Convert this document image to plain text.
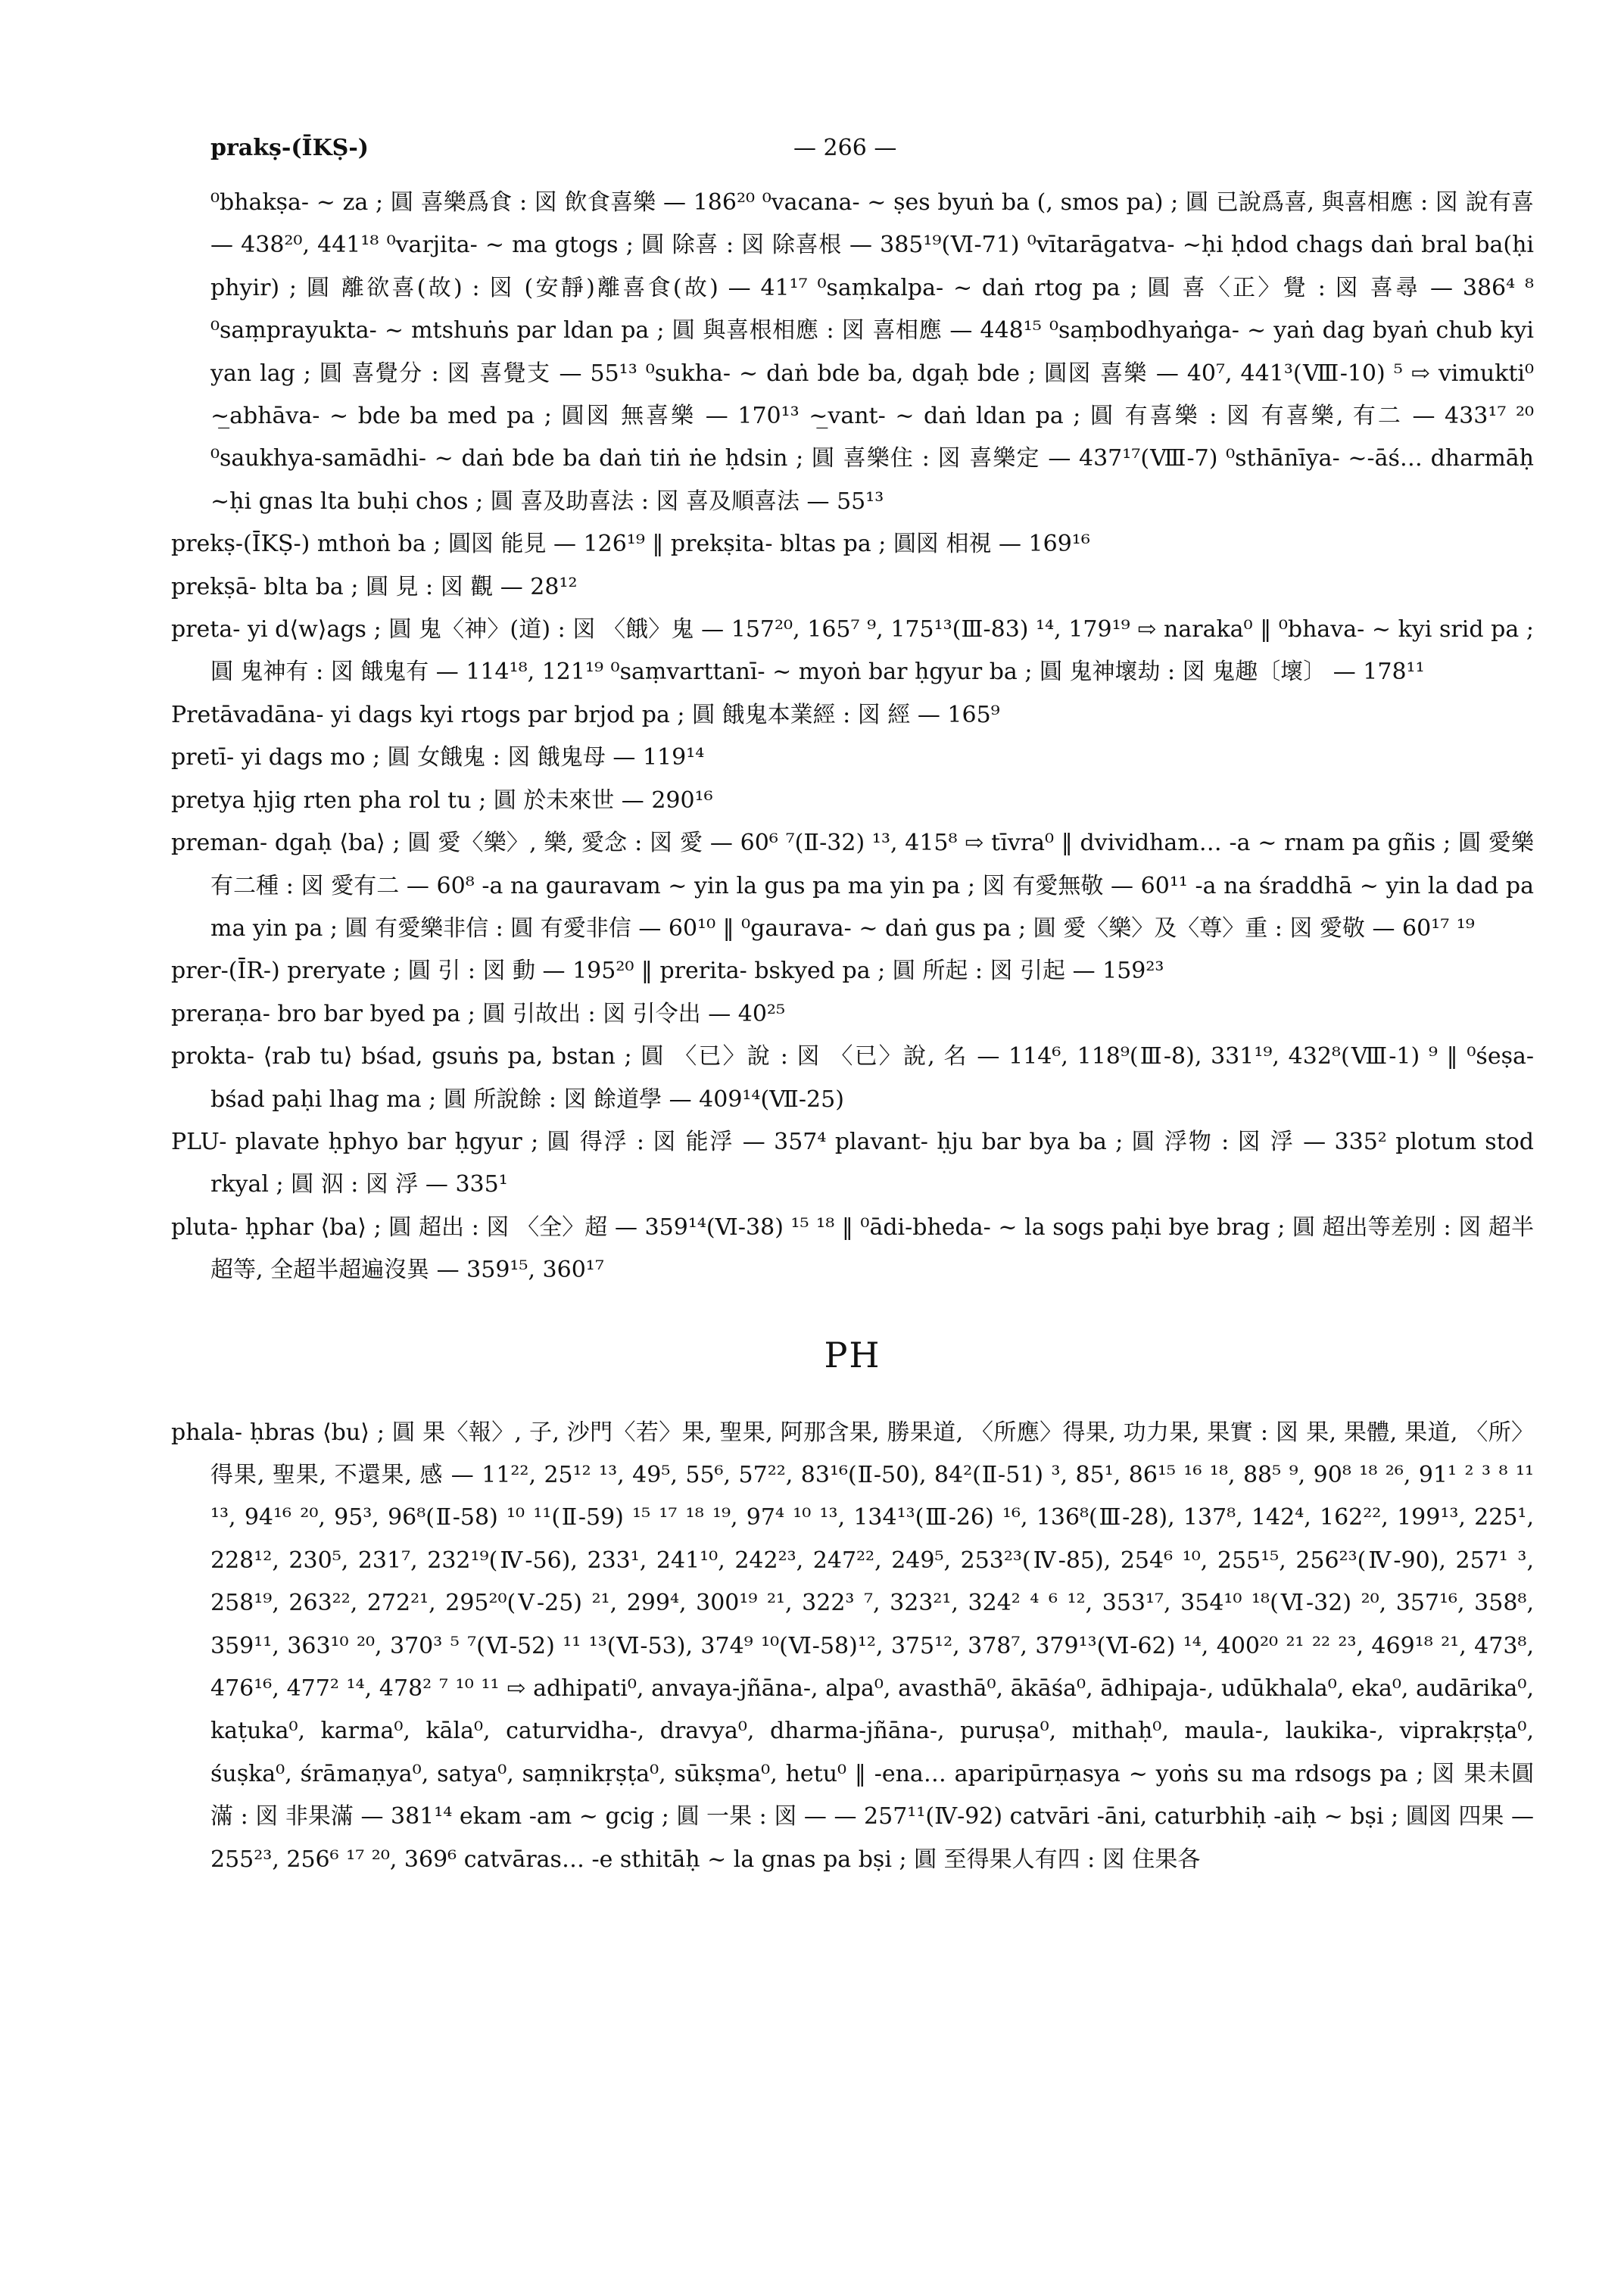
prakṣ-(ĪKṢ-)	— 266 —

⁰bhakṣa- ~ za ; 圓 喜樂爲食 : 図 飲食喜樂 — 186²⁰ ⁰vacana- ~ ṣes byuṅ ba (, smos pa) ; 圓 已說爲喜, 與喜相應 : 図 說有喜 — 438²⁰, 441¹⁸ ⁰varjita- ~ ma gtogs ; 圓 除喜 : 図 除喜根 — 385¹⁹(Ⅵ-71) ⁰vītarāgatva- ~ḥi ḥdod chags daṅ bral ba(ḥi phyir) ; 圓 離欲喜(故) : 図 (安靜)離喜食(故) — 41¹⁷ ⁰saṃkalpa- ~ daṅ rtog pa ; 圓 喜〈正〉覺 : 図 喜尋 — 386⁴ ⁸ ⁰saṃprayukta- ~ mtshuṅs par ldan pa ; 圓 與喜根相應 : 図 喜相應 — 448¹⁵ ⁰saṃbodhyaṅga- ~ yaṅ dag byaṅ chub kyi yan lag ; 圓 喜覺分 : 図 喜覺支 — 55¹³ ⁰sukha- ~ daṅ bde ba, dgaḥ bde ; 圓図 喜樂 — 40⁷, 441³(Ⅷ-10) ⁵ ⇨ vimukti⁰ ~̲abhāva- ~ bde ba med pa ; 圓図 無喜樂 — 170¹³ ~̲vant- ~ daṅ ldan pa ; 圓 有喜樂 : 図 有喜樂, 有二 — 433¹⁷ ²⁰ ⁰saukhya-samādhi- ~ daṅ bde ba daṅ tiṅ ṅe ḥdsin ; 圓 喜樂住 : 図 喜樂定 — 437¹⁷(Ⅷ-7) ⁰sthānīya- ~-āś… dharmāḥ ~ḥi gnas lta buḥi chos ; 圓 喜及助喜法 : 図 喜及順喜法 — 55¹³

prekṣ-(ĪKṢ-) mthoṅ ba ; 圓図 能見 — 126¹⁹ ‖ prekṣita- bltas pa ; 圓図 相視 — 169¹⁶

prekṣā- blta ba ; 圓 見 : 図 觀 — 28¹²

preta- yi d⟨w⟩ags ; 圓 鬼〈神〉(道) : 図 〈餓〉鬼 — 157²⁰, 165⁷ ⁹, 175¹³(Ⅲ-83) ¹⁴, 179¹⁹ ⇨ naraka⁰ ‖ ⁰bhava- ~ kyi srid pa ; 圓 鬼神有 : 図 餓鬼有 — 114¹⁸, 121¹⁹ ⁰saṃvarttanī- ~ myoṅ bar ḥgyur ba ; 圓 鬼神壞劫 : 図 鬼趣〔壞〕 — 178¹¹

Pretāvadāna- yi dags kyi rtogs par brjod pa ; 圓 餓鬼本業經 : 図 經 — 165⁹

pretī- yi dags mo ; 圓 女餓鬼 : 図 餓鬼母 — 119¹⁴

pretya ḥjig rten pha rol tu ; 圓 於未來世 — 290¹⁶

preman- dgaḥ ⟨ba⟩ ; 圓 愛〈樂〉, 樂, 愛念 : 図 愛 — 60⁶ ⁷(Ⅱ-32) ¹³, 415⁸ ⇨ tīvra⁰ ‖ dvividham… -a ~ rnam pa gñis ; 圓 愛樂有二種 : 図 愛有二 — 60⁸ -a na gauravam ~ yin la gus pa ma yin pa ; 図 有愛無敬 — 60¹¹ -a na śraddhā ~ yin la dad pa ma yin pa ; 圓 有愛樂非信 : 圓 有愛非信 — 60¹⁰ ‖ ⁰gaurava- ~ daṅ gus pa ; 圓 愛〈樂〉及〈尊〉重 : 図 愛敬 — 60¹⁷ ¹⁹

prer-(ĪR-) preryate ; 圓 引 : 図 動 — 195²⁰ ‖ prerita- bskyed pa ; 圓 所起 : 図 引起 — 159²³

preraṇa- bro bar byed pa ; 圓 引故出 : 図 引令出 — 40²⁵

prokta- ⟨rab tu⟩ bśad, gsuṅs pa, bstan ; 圓 〈已〉說 : 図 〈已〉說, 名 — 114⁶, 118⁹(Ⅲ-8), 331¹⁹, 432⁸(Ⅷ-1) ⁹ ‖ ⁰śeṣa- bśad paḥi lhag ma ; 圓 所說餘 : 図 餘道學 — 409¹⁴(Ⅶ-25)

PLU- plavate ḥphyo bar ḥgyur ; 圓 得浮 : 図 能浮 — 357⁴ plavant- ḥju bar bya ba ; 圓 浮物 : 図 浮 — 335² plotum stod rkyal ; 圓 泅 : 図 浮 — 335¹

pluta- ḥphar ⟨ba⟩ ; 圓 超出 : 図 〈全〉超 — 359¹⁴(Ⅵ-38) ¹⁵ ¹⁸ ‖ ⁰ādi-bheda- ~ la sogs paḥi bye brag ; 圓 超出等差別 : 図 超半超等, 全超半超遍沒異 — 359¹⁵, 360¹⁷

PH

phala- ḥbras ⟨bu⟩ ; 圓 果〈報〉, 子, 沙門〈若〉果, 聖果, 阿那含果, 勝果道, 〈所應〉得果, 功力果, 果實 : 図 果, 果體, 果道, 〈所〉得果, 聖果, 不還果, 感 — 11²², 25¹² ¹³, 49⁵, 55⁶, 57²², 83¹⁶(Ⅱ-50), 84²(Ⅱ-51) ³, 85¹, 86¹⁵ ¹⁶ ¹⁸, 88⁵ ⁹, 90⁸ ¹⁸ ²⁶, 91¹ ² ³ ⁸ ¹¹ ¹³, 94¹⁶ ²⁰, 95³, 96⁸(Ⅱ-58) ¹⁰ ¹¹(Ⅱ-59) ¹⁵ ¹⁷ ¹⁸ ¹⁹, 97⁴ ¹⁰ ¹³, 134¹³(Ⅲ-26) ¹⁶, 136⁸(Ⅲ-28), 137⁸, 142⁴, 162²², 199¹³, 225¹, 228¹², 230⁵, 231⁷, 232¹⁹(Ⅳ-56), 233¹, 241¹⁰, 242²³, 247²², 249⁵, 253²³(Ⅳ-85), 254⁶ ¹⁰, 255¹⁵, 256²³(Ⅳ-90), 257¹ ³, 258¹⁹, 263²², 272²¹, 295²⁰(Ⅴ-25) ²¹, 299⁴, 300¹⁹ ²¹, 322³ ⁷, 323²¹, 324² ⁴ ⁶ ¹², 353¹⁷, 354¹⁰ ¹⁸(Ⅵ-32) ²⁰, 357¹⁶, 358⁸, 359¹¹, 363¹⁰ ²⁰, 370³ ⁵ ⁷(Ⅵ-52) ¹¹ ¹³(Ⅵ-53), 374⁹ ¹⁰(Ⅵ-58)¹², 375¹², 378⁷, 379¹³(Ⅵ-62) ¹⁴, 400²⁰ ²¹ ²² ²³, 469¹⁸ ²¹, 473⁸, 476¹⁶, 477² ¹⁴, 478² ⁷ ¹⁰ ¹¹ ⇨ adhipati⁰, anvaya-jñāna-, alpa⁰, avasthā⁰, ākāśa⁰, ādhipaja-, udūkhala⁰, eka⁰, audārika⁰, kaṭuka⁰, karma⁰, kāla⁰, caturvidha-, dravya⁰, dharma-jñāna-, puruṣa⁰, mithaḥ⁰, maula-, laukika-, viprakṛṣṭa⁰, śuṣka⁰, śrāmaṇya⁰, satya⁰, saṃnikṛṣṭa⁰, sūkṣma⁰, hetu⁰ ‖ -ena… aparipūrṇasya ~ yoṅs su ma rdsogs pa ; 図 果未圓滿 : 図 非果滿 — 381¹⁴ ekam -am ~ gcig ; 圓 一果 : 図 — — 257¹¹(Ⅳ-92) catvāri -āni, caturbhiḥ -aiḥ ~ bṣi ; 圓図 四果 — 255²³, 256⁶ ¹⁷ ²⁰, 369⁶ catvāras… -e sthitāḥ ~ la gnas pa bṣi ; 圓 至得果人有四 : 図 住果各
